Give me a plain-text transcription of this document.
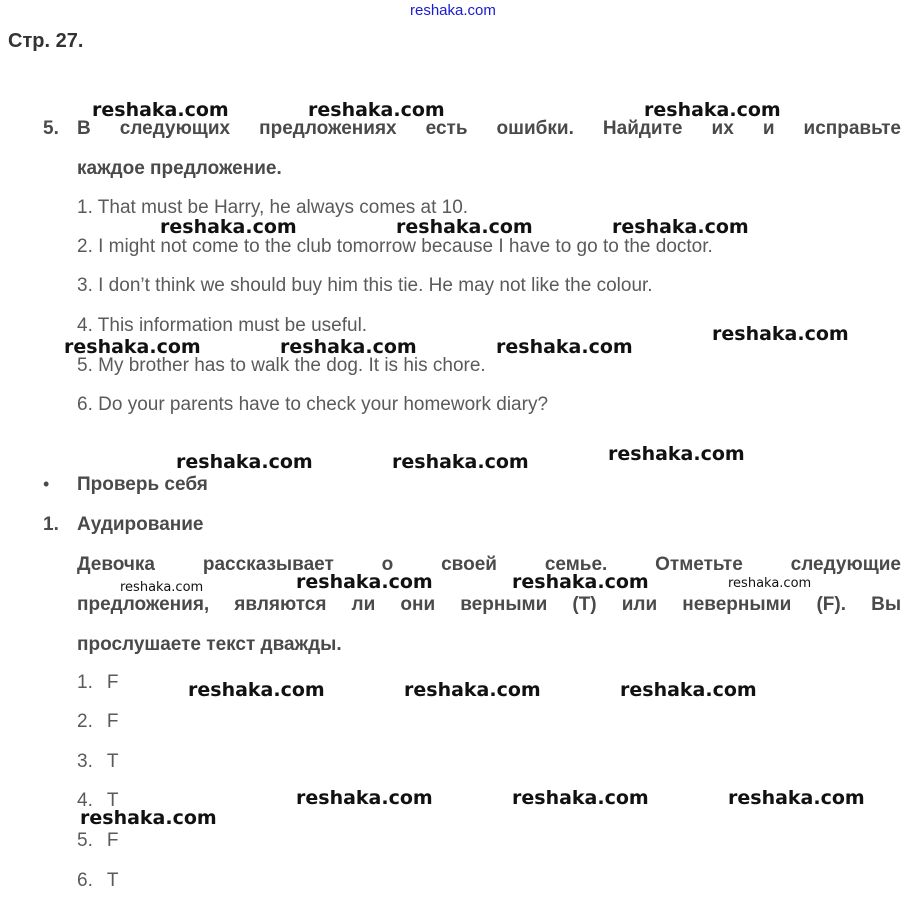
reshaka.com
Стр. 27.
5. В следующих предложениях есть ошибки. Найдите их и исправьте
каждое предложение.
1. That must be Harry, he always comes at 10.
2. I might not come to the club tomorrow because I have to go to the doctor.
3. I don’t think we should buy him this tie. He may not like the colour.
4. This information must be useful.
5. My brother has to walk the dog. It is his chore.
6. Do your parents have to check your homework diary?
• Проверь себя
1. Аудирование
Девочка	рассказывает	о	своей	семье.	Отметьте	следующие
предложения, являются ли они верными (T) или неверными (F). Вы
прослушаете текст дважды.
1. F
2. F
3. T
4. T
5. F
6. T
reshaka.com	reshaka.com	reshaka.com
reshaka.com	reshaka.com	reshaka.com
reshaka.com
reshaka.com	reshaka.com	reshaka.com
reshaka.com
reshaka.com	reshaka.com
reshaka.com	reshaka.com	reshaka.com	reshaka.com
reshaka.com	reshaka.com	reshaka.com
reshaka.com	reshaka.com	reshaka.com
reshaka.com
